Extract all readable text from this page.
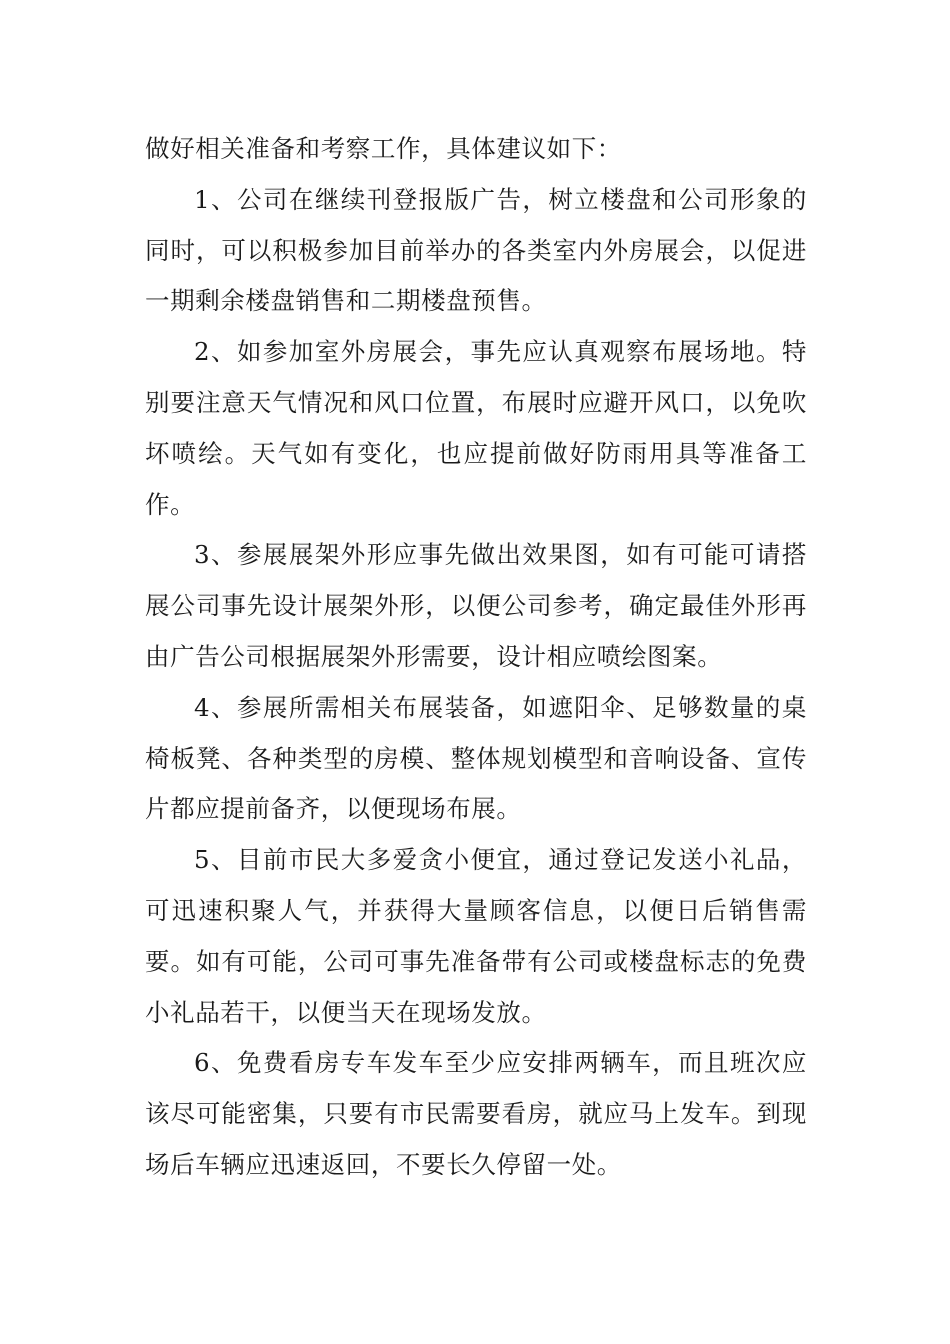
做好相关准备和考察工作，具体建议如下：

1、公司在继续刊登报版广告，树立楼盘和公司形象的同时，可以积极参加目前举办的各类室内外房展会，以促进一期剩余楼盘销售和二期楼盘预售。

2、如参加室外房展会，事先应认真观察布展场地。特别要注意天气情况和风口位置，布展时应避开风口，以免吹坏喷绘。天气如有变化，也应提前做好防雨用具等准备工作。

3、参展展架外形应事先做出效果图，如有可能可请搭展公司事先设计展架外形，以便公司参考，确定最佳外形再由广告公司根据展架外形需要，设计相应喷绘图案。

4、参展所需相关布展装备，如遮阳伞、足够数量的桌椅板凳、各种类型的房模、整体规划模型和音响设备、宣传片都应提前备齐，以便现场布展。

5、目前市民大多爱贪小便宜，通过登记发送小礼品，可迅速积聚人气，并获得大量顾客信息，以便日后销售需要。如有可能，公司可事先准备带有公司或楼盘标志的免费小礼品若干，以便当天在现场发放。

6、免费看房专车发车至少应安排两辆车，而且班次应该尽可能密集，只要有市民需要看房，就应马上发车。到现场后车辆应迅速返回，不要长久停留一处。
